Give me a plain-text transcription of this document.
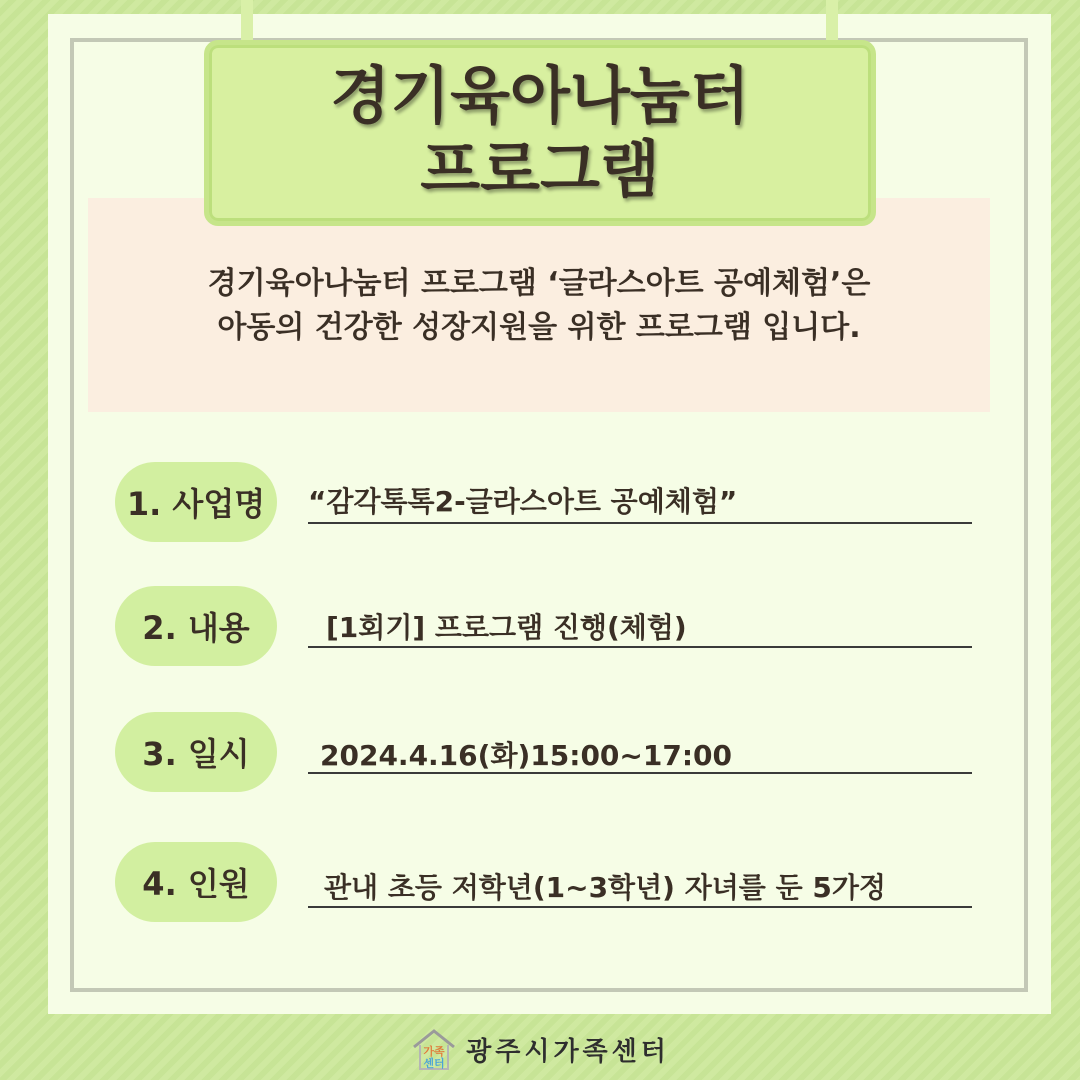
경기육아나눔터 프로그램 ‘글라스아트 공예체험’은
아동의 건강한 성장지원을 위한 프로그램 입니다.
경기육아나눔터
프로그램
1. 사업명	“감각톡톡2-글라스아트 공예체험”
2. 내용	[1회기] 프로그램 진행(체험)
3. 일시	2024.4.16(화)15:00~17:00
4. 인원	관내 초등 저학년(1~3학년) 자녀를 둔 5가정
가족
센터 광주시가족센터
